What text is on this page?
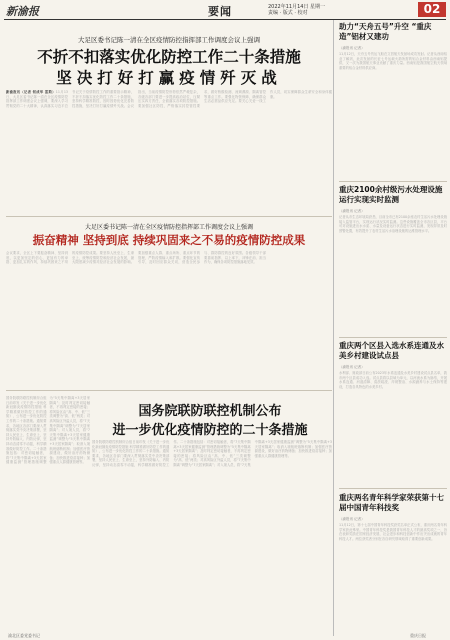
新渝报	要闻	2022年11月14日 星期一
责编 · 版式 · 校对	02
大足区委书记陈一清在全区疫情防控指挥部工作调度会议上强调
不折不扣落实优化防控工作二十条措施
坚决打好打赢疫情歼灭战
新渝报讯（记者 何成华 雷斯）11月13日，大足区委书记陈一清在全区疫情防控指挥部工作调度会议上强调，要深入学习贯彻党的二十大精神，认真落实习近平总书记关于疫情防控工作的重要指示精神，不折不扣落实优化防控工作二十条措施，坚持科学精准防控，因时因势优化完善防控措施，坚决打好打赢疫情歼灭战。会议指出，当前疫情防控形势依然严峻复杂，各级各部门要进一步提高政治站位，压紧压实四方责任，全面落实各项防控措施。要加强社区防控，严格落实封控管控要求，做好核酸检测、流调溯源、隔离管控等重点工作。要强化物资保障，确保群众生活必需品供应充足。要关心关爱一线工作人员，切实保障群众生命安全和身体健康。
大足区委书记陈一清在全区疫情防控指挥部工作调度会议上强调
振奋精神 坚持到底 持续巩固来之不易的疫情防控成果
会议要求，全区上下要振奋精神、坚持到底，以更加坚定的信心、更加有力的举措、更加扎实的作风，持续巩固来之不易的疫情防控成果。要坚持人民至上、生命至上，统筹疫情防控和经济社会发展，最大限度减少疫情对经济社会发展的影响。要加强重点人群、重点场所、重点环节的管理，严防疫情输入和扩散。要强化宣传引导，及时回应群众关切，营造全民参与、群防群控的良好氛围。各级领导干部要靠前指挥、以上率下，冲锋在前、担当作为，确保各项防控措施落地见效。
国务院联防联控机制综合组日前印发《关于进一步优化新冠肺炎疫情防控措施 科学精准做好防控工作的通知》，公布进一步优化防控工作的二十条措施。通知要求，各地区各部门要深入贯彻落实党中央决策部署，坚持人民至上、生命至上，坚持外防输入、内防反弹，坚持动态清零不动摇，科学精准做好防控工作。二十条措施包括：对密切接触者，将“7天集中隔离+3天居家健康监测”管理措施调整为“5天集中隔离+3天居家隔离”；及时判定密切接触者，不再判定密接的密接；将风险区由“高、中、低”三类调整为“高、低”两类；对高风险区外溢人员，将“7天集中隔离”调整为“7天居家隔离”；对入境人员，将“7天集中隔离+3天居家健康监测”调整为“5天集中隔离+3天居家隔离”；取消入境航班熔断机制；加强医疗资源建设，做好治疗药物储备；加快推进疫苗接种；加强重点人群健康管理等。
国务院联防联控机制公布
进一步优化疫情防控的二十条措施
国务院联防联控机制综合组日前印发《关于进一步优化新冠肺炎疫情防控措施 科学精准做好防控工作的通知》，公布进一步优化防控工作的二十条措施。通知要求，各地区各部门要深入贯彻落实党中央决策部署，坚持人民至上、生命至上，坚持外防输入、内防反弹，坚持动态清零不动摇，科学精准做好防控工作。二十条措施包括：对密切接触者，将“7天集中隔离+3天居家健康监测”管理措施调整为“5天集中隔离+3天居家隔离”；及时判定密切接触者，不再判定密接的密接；将风险区由“高、中、低”三类调整为“高、低”两类；对高风险区外溢人员，将“7天集中隔离”调整为“7天居家隔离”；对入境人员，将“7天集中隔离+3天居家健康监测”调整为“5天集中隔离+3天居家隔离”；取消入境航班熔断机制；加强医疗资源建设，做好治疗药物储备；加快推进疫苗接种；加强重点人群健康管理等。
助力“天舟五号”升空 “重庆造”铝材又建功
（渝报讯 记者）
11月12日，天舟五号货运飞船在文昌航天发射场成功发射。记者从西南铝业了解到，此次发射的长征七号运载火箭所需的铝合金材料由西南铝提供，又一次为我国航天事业贡献了重庆力量。西南铝是我国航空航天领域重要的铝合金材料供应商。
重庆2100余村级污水处理设施运行实现实时监测
（渝报讯 记者）
记者从市生态环境局获悉，目前全市已有2100余座农村生活污水处理设施接入监管平台，实现运行状况实时监测。这些设施覆盖全市各区县，平台可对设施进出水水质、水量及设备运行状态进行实时监测，发现异常及时预警处置，有效提升了农村生活污水治理设施的运维管理水平。
重庆两个区县入选水系连通及水美乡村建设试点县
（渝报讯 记者）
水利部、财政部日前公布2023年水系连通及水美乡村建设试点县名单，我市两个区县成功入选。试点县将以县域为单元，以河流水系为脉络，开展水系连通、河道清障、清淤疏浚、岸坡整治、水源涵养与水土保持等建设，打造各具特色的水美乡村。
重庆两名青年科学家荣获第十七届中国青年科技奖
（渝报讯 记者）
11月12日，第十七届中国青年科技奖获奖名单正式公布，重庆两名青年科学家获此殊荣。中国青年科技奖是我国青年科技人才的最高奖项之一，旨在表彰奖励在国家经济发展、社会进步和科技创新中作出突出成就的青年科技人才。两位获奖者分别在各自研究领域取得了重要创新成果。
渝北区委党委书记	重庆日报
